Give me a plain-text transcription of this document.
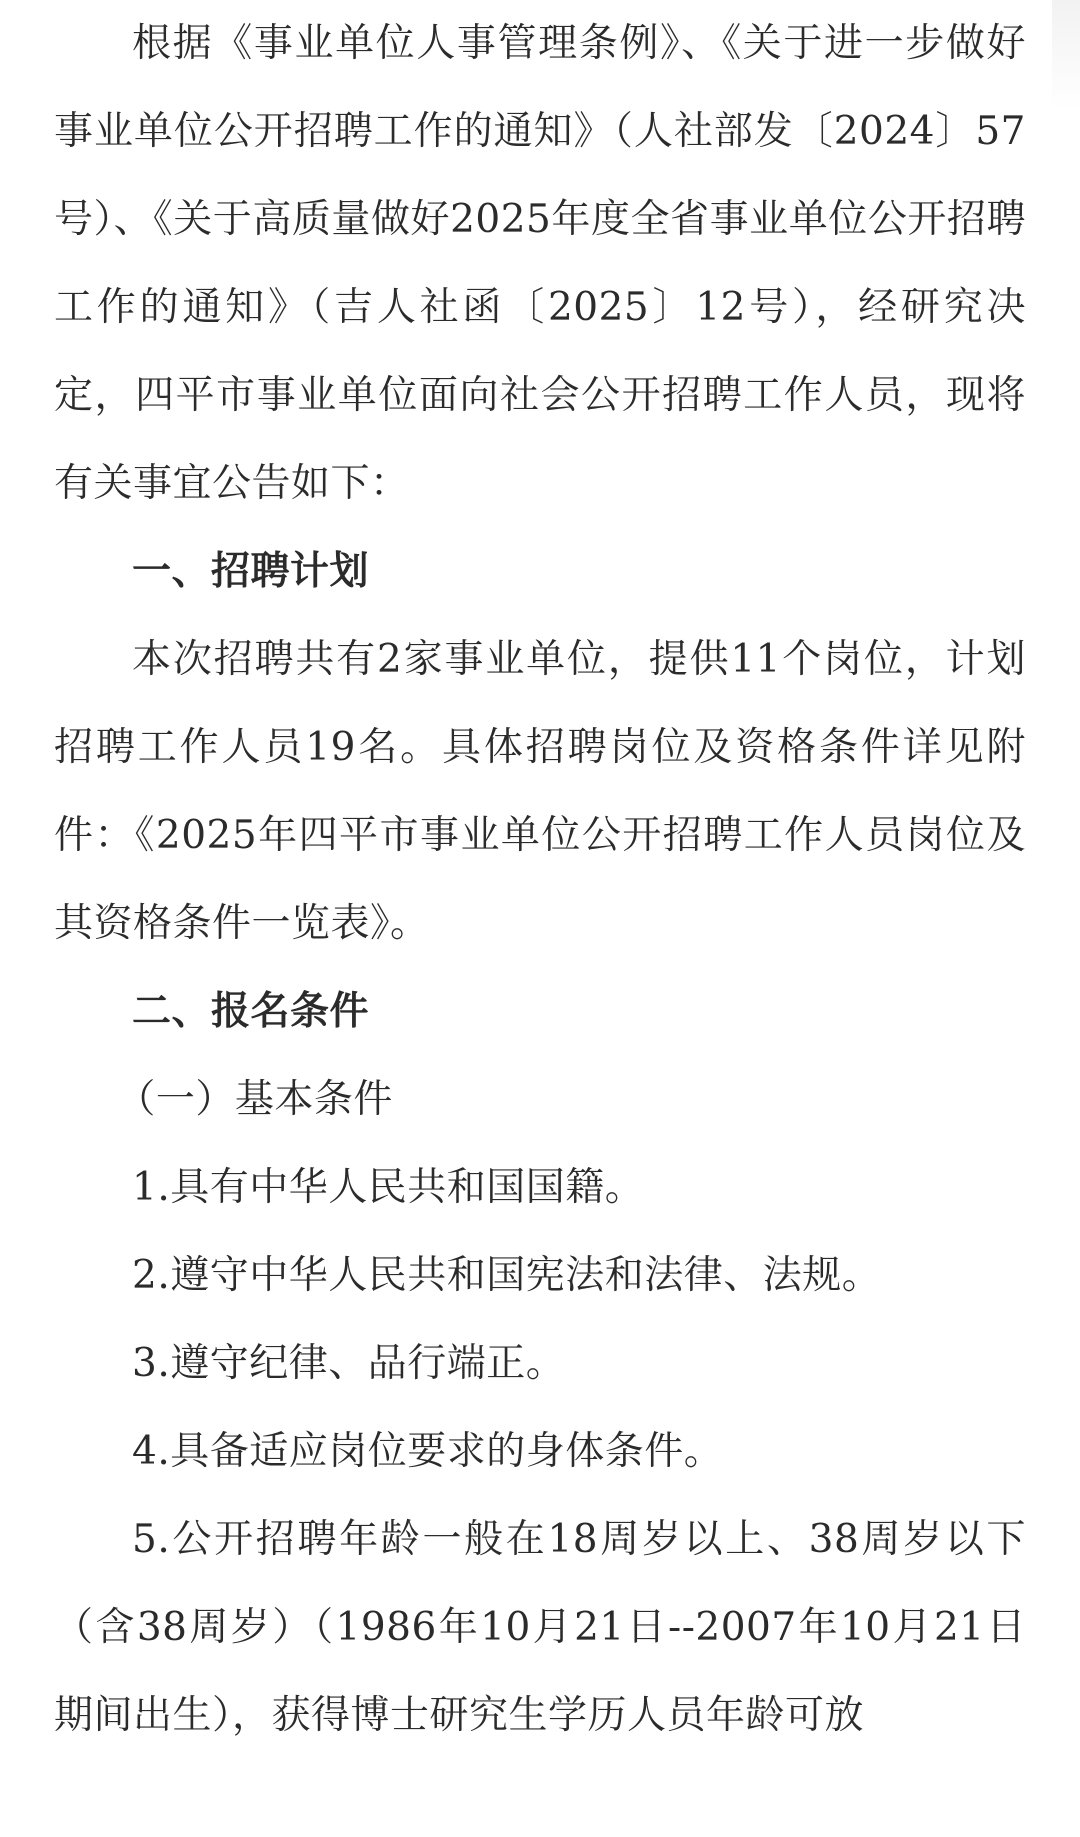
根据《事业单位人事管理条例》、《关于进一步做好事业单位公开招聘工作的通知》（人社部发〔2024〕57号）、《关于高质量做好2025年度全省事业单位公开招聘工作的通知》（吉人社函〔2025〕12号），经研究决定，四平市事业单位面向社会公开招聘工作人员，现将有关事宜公告如下：

一、招聘计划

本次招聘共有2家事业单位，提供11个岗位，计划招聘工作人员19名。具体招聘岗位及资格条件详见附件：《2025年四平市事业单位公开招聘工作人员岗位及其资格条件一览表》。

二、报名条件

（一）基本条件

1.具有中华人民共和国国籍。

2.遵守中华人民共和国宪法和法律、法规。

3.遵守纪律、品行端正。

4.具备适应岗位要求的身体条件。

5.公开招聘年龄一般在18周岁以上、38周岁以下（含38周岁）（1986年10月21日--2007年10月21日期间出生），获得博士研究生学历人员年龄可放
